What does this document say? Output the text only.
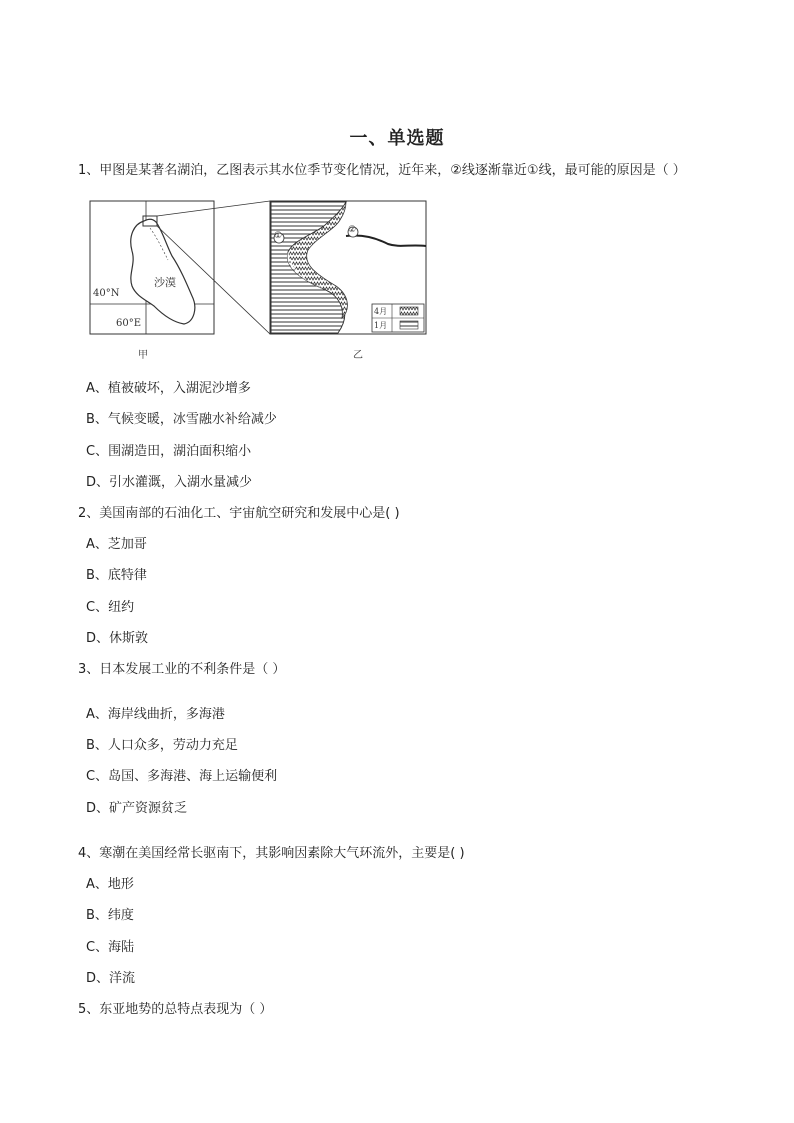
一、单选题
1、甲图是某著名湖泊，乙图表示其水位季节变化情况，近年来，②线逐渐靠近①线，最可能的原因是（ ）
沙漠
40°N
60°E
①
②
4月
1月
甲	乙
A、植被破坏，入湖泥沙增多
B、气候变暖，冰雪融水补给减少
C、围湖造田，湖泊面积缩小
D、引水灌溉，入湖水量减少
2、美国南部的石油化工、宇宙航空研究和发展中心是( )
A、芝加哥
B、底特律
C、纽约
D、休斯敦
3、日本发展工业的不利条件是（ ）
A、海岸线曲折，多海港
B、人口众多，劳动力充足
C、岛国、多海港、海上运输便利
D、矿产资源贫乏
4、寒潮在美国经常长驱南下，其影响因素除大气环流外，主要是( )
A、地形
B、纬度
C、海陆
D、洋流
5、东亚地势的总特点表现为（ ）
